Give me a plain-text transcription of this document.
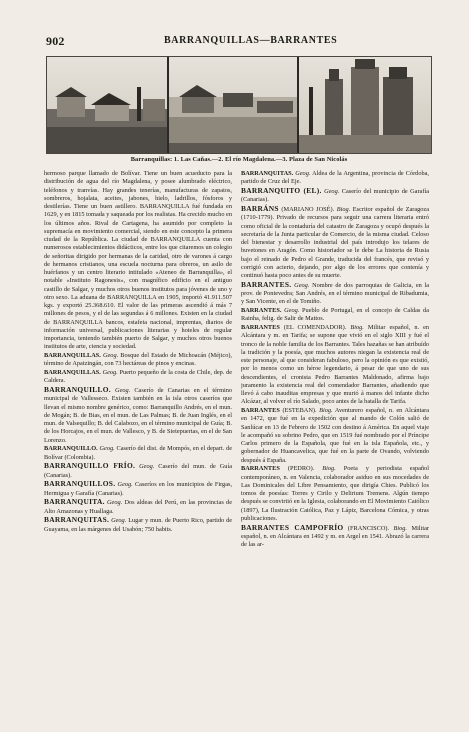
902	BARRANQUILLAS—BARRANTES
Barranquillas: 1. Las Cañas.—2. El río Magdalena.—3. Plaza de San Nicolás

hermoso parque llamado de Bolívar. Tiene un buen acueducto para la distribución de agua del río Magdalena, y posee alumbrado eléctrico, teléfonos y tranvías. Hay grandes tenerías, manufacturas de zapatos, sombreros, hojalata, aceites, jabones, hielo, ladrillos, fósforos y destilerías. Tiene un buen astillero. BARRANQUILLA fué fundada en 1629, y en 1815 tomada y saqueada por los realistas. Ha crecido mucho en los últimos años. Rival de Cartagena, ha asumido por completo la supremacía en movimiento comercial, siendo en este concepto la primera ciudad de la República. La ciudad de BARRANQUILLA cuenta con numerosos establecimientos didácticos, entre los que citaremos un colegio de señoritas dirigido por hermanas de la caridad, otro de varones á cargo de hermanos cristianos, una escuela nocturna para obreros, un asilo de huérfanos y un centro literario intitulado «Ateneo de Barranquilla», el notable «Instituto Ragonesis», con magnífico edificio en el antiguo castillo de Salgar, y muchos otros buenos institutos para jóvenes de uno y otro sexo. La aduana de BARRANQUILLA en 1905, importó 41.911.507 kgs. y exportó 25.368.610. El valor de las primeras ascendió á más 7 millones de pesos, y el de las segundas á 6 millones. Existen en la ciudad de BARRANQUILLA bancos, estafeta nacional, imprentas, diarios de información universal, publicaciones literarias y hoteles de regular importancia, teniendo también puerto de Salgar, y muchos otros buenos institutos de arte, ciencia y sociedad.

BARRANQUILLAS. Geog. Bosque del Estado de Michoacán (Méjico), término de Apatzingán, con 73 hectáreas de pinos y encinas.

BARRANQUILLAS. Geog. Puerto pequeño de la costa de Chile, dep. de Caldera.

BARRANQUILLO. Geog. Caserío de Canarias en el término municipal de Vallesseco. Existen también en la isla otros caseríos que llevan el mismo nombre genérico, como: Barranquillo Andrés, en el mun. de Mogán; B. de Bias, en el mun. de Las Palmas; B. de Juan Inglés, en el mun. de Valsequillo; B. del Calabozo, en el término municipal de Guía; B. de los Horcajos, en el mun. de Vallesco, y B. de Sietepuertas, en el de San Lorenzo.

BARRANQUILLO. Geog. Caserío del dist. de Mompós, en el depart. de Bolívar (Colombia).

BARRANQUILLO FRÍO. Geog. Caserío del mun. de Guía (Canarias).

BARRANQUILLOS. Geog. Caseríos en los municipios de Firgas, Hermigua y Garafía (Canarias).

BARRANQUITA. Geog. Dos aldeas del Perú, en las provincias de Alto Amazonas y Huallaga.

BARRANQUITAS. Geog. Lugar y mun. de Puerto Rico, partido de Guayama, en las márgenes del Usabón; 750 habits.

BARRANQUITAS. Geog. Aldea de la Argentina, provincia de Córdoba, partido de Cruz del Eje.

BARRANQUITO (EL). Geog. Caserío del municipio de Garafía (Canarias).

BARRÁNS (MARIANO JOSÉ). Biog. Escritor español de Zaragoza (1710-1779). Privado de recursos para seguir una carrera literaria entró como oficial de la contaduría del catastro de Zaragoza y ocupó después la secretaría de la Junta particular de Comercio, de la misma ciudad. Celoso del bienestar y desarrollo industrial del país introdujo los telares de buvetones en Aragón. Como historiador se le debe La historia de Rusia bajo el reinado de Pedro el Grande, traducida del francés, que revisó y corrigió con acierto, dejando, por algo de los errores que contenía y continuó hasta poco antes de su muerte.

BARRANTES. Geog. Nombre de dos parroquias de Galicia, en la prov. de Pontevedra; San Andrés, en el término municipal de Ribadumia, y San Vicente, en el de Tomiño.

BARRANTES. Geog. Pueblo de Portugal, en el concejo de Caldas da Rainha, felig. de Salir de Mattos.

BARRANTES (EL COMENDADOR). Biog. Militar español, n. en Alcántara y m. en Tarifa; se supone que vivió en el siglo XIII y fué el tronco de la noble familia de los Barrantes. Tales hazañas se han atribuído la tradición y la poesía, que muchos autores niegan la existencia real de este personaje, al que consideran fabuloso, pero la opinión es que existió, por lo menos como un héroe legendario, á pesar de que uno de sus descendientes, el cronista Pedro Barrantes Maldonado, afirma bajo juramento la existencia real del comendador Barrantes, añadiendo que llevó á cabo inauditas empresas y que murió á manos del infante dicho Alcázar, al volver el río Salado, poco antes de la batalla de Tarifa.

BARRANTES (ESTEBAN). Biog. Aventurero español, n. en Alcántara en 1472, que fué en la expedición que al mando de Colón salió de Sanlúcar en 13 de Febrero de 1502 con destino á América. En aquel viaje le acompañó su sobrino Pedro, que en 1519 fué nombrado por el Príncipe Carlos primero de la Española, que fué en la isla Española, etc., y gobernador de Huancavelica, que fué en la parte de Ovando, volviendo después á España.

BARRANTES (PEDRO). Biog. Poeta y periodista español contemporáneo, n. en Valencia, colaborador asiduo en sus mocedades de Las Dominicales del Libre Pensamiento, que dirigía Chies. Publicó los tomos de poesías: Torres y Cirilo y Delirium Tremens. Algún tiempo después se convirtió en la Iglesia, colaborando en El Movimiento Católico (1897), La Ilustración Católica, Paz y Lápiz, Barcelona Cómica, y otras publicaciones.

BARRANTES CAMPOFRÍO (FRANCISCO). Biog. Militar español, n. en Alcántara en 1492 y m. en Argel en 1541. Abrazó la carrera de las ar-
